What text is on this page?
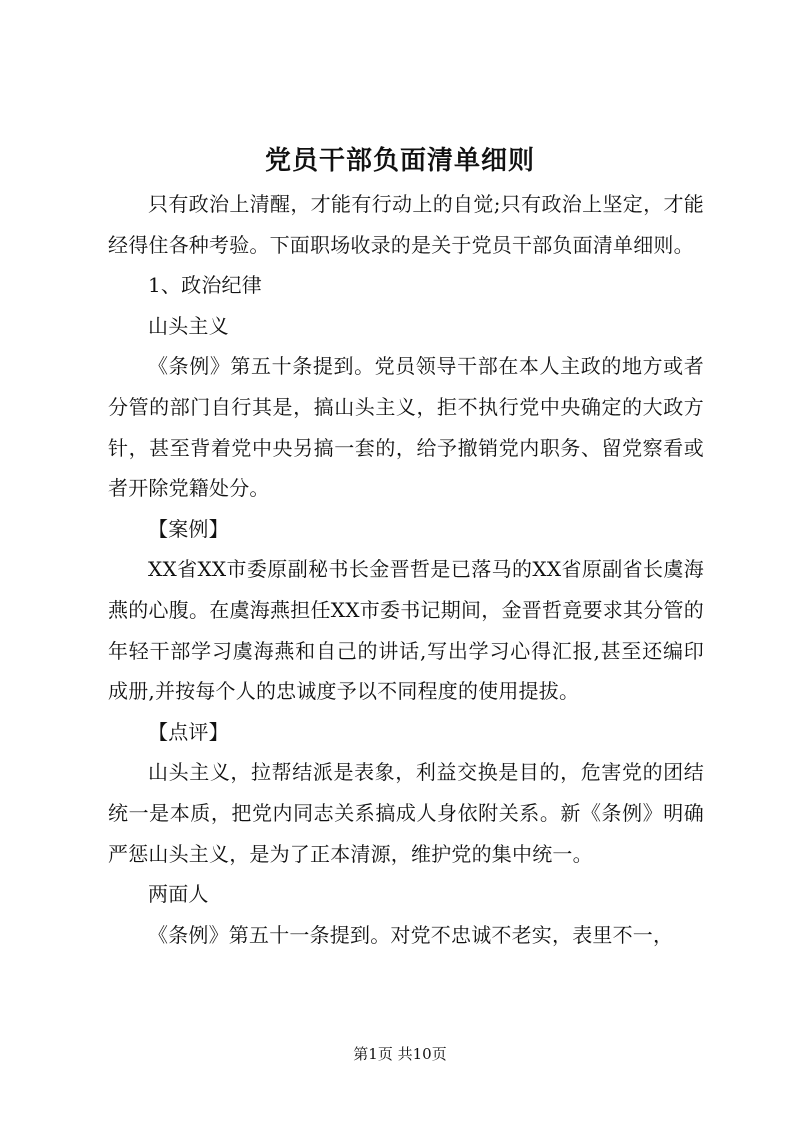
党员干部负面清单细则

只有政治上清醒，才能有行动上的自觉;只有政治上坚定，才能经得住各种考验。下面职场收录的是关于党员干部负面清单细则。

1、政治纪律

山头主义

《条例》第五十条提到。党员领导干部在本人主政的地方或者分管的部门自行其是，搞山头主义，拒不执行党中央确定的大政方针，甚至背着党中央另搞一套的，给予撤销党内职务、留党察看或者开除党籍处分。

【案例】

XX省XX市委原副秘书长金晋哲是已落马的XX省原副省长虞海燕的心腹。在虞海燕担任XX市委书记期间，金晋哲竟要求其分管的年轻干部学习虞海燕和自己的讲话,写出学习心得汇报,甚至还编印成册,并按每个人的忠诚度予以不同程度的使用提拔。

【点评】

山头主义，拉帮结派是表象，利益交换是目的，危害党的团结统一是本质，把党内同志关系搞成人身依附关系。新《条例》明确严惩山头主义，是为了正本清源，维护党的集中统一。

两面人

《条例》第五十一条提到。对党不忠诚不老实，表里不一，

第1页 共10页
